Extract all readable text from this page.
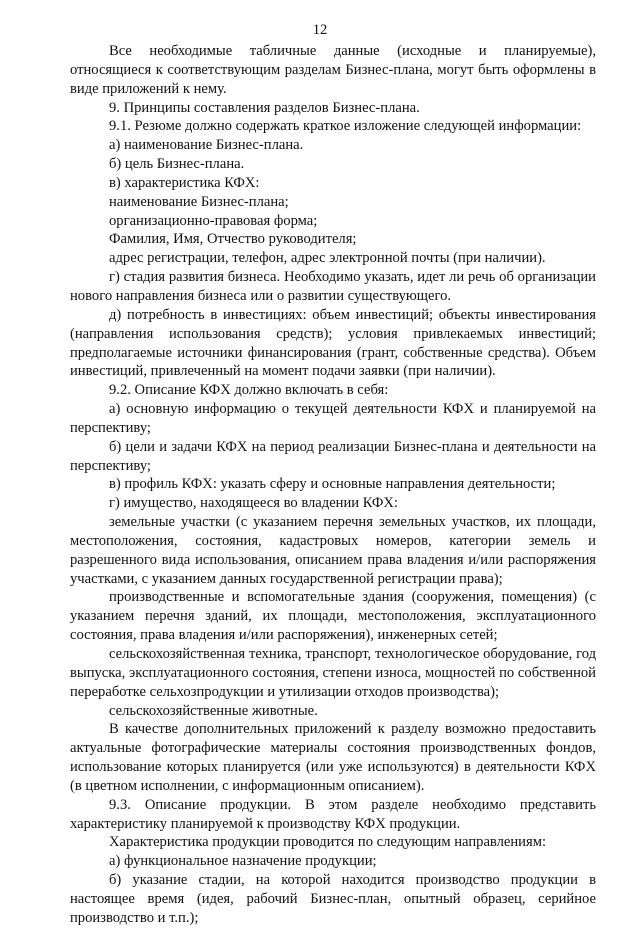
12

Все необходимые табличные данные (исходные и планируемые), относящиеся к соответствующим разделам Бизнес-плана, могут быть оформлены в виде приложений к нему.

9. Принципы составления разделов Бизнес-плана.

9.1. Резюме должно содержать краткое изложение следующей информации:

а) наименование Бизнес-плана.

б) цель Бизнес-плана.

в) характеристика КФХ:

наименование Бизнес-плана;

организационно-правовая форма;

Фамилия, Имя, Отчество руководителя;

адрес регистрации, телефон, адрес электронной почты (при наличии).

г) стадия развития бизнеса. Необходимо указать, идет ли речь об организации нового направления бизнеса или о развитии существующего.

д) потребность в инвестициях: объем инвестиций; объекты инвестирования (направления использования средств); условия привлекаемых инвестиций; предполагаемые источники финансирования (грант, собственные средства). Объем инвестиций, привлеченный на момент подачи заявки (при наличии).

9.2. Описание КФХ должно включать в себя:

а) основную информацию о текущей деятельности КФХ и планируемой на перспективу;

б) цели и задачи КФХ на период реализации Бизнес-плана и деятельности на перспективу;

в) профиль КФХ: указать сферу и основные направления деятельности;

г) имущество, находящееся во владении КФХ:

земельные участки (с указанием перечня земельных участков, их площади, местоположения, состояния, кадастровых номеров, категории земель и разрешенного вида использования, описанием права владения и/или распоряжения участками, с указанием данных государственной регистрации права);

производственные и вспомогательные здания (сооружения, помещения) (с указанием перечня зданий, их площади, местоположения, эксплуатационного состояния, права владения и/или распоряжения), инженерных сетей;

сельскохозяйственная техника, транспорт, технологическое оборудование, год выпуска, эксплуатационного состояния, степени износа, мощностей по собственной переработке сельхозпродукции и утилизации отходов производства);

сельскохозяйственные животные.

В качестве дополнительных приложений к разделу возможно предоставить актуальные фотографические материалы состояния производственных фондов, использование которых планируется (или уже используются) в деятельности КФХ (в цветном исполнении, с информационным описанием).

9.3. Описание продукции. В этом разделе необходимо представить характеристику планируемой к производству КФХ продукции.

Характеристика продукции проводится по следующим направлениям:

а) функциональное назначение продукции;

б) указание стадии, на которой находится производство продукции в настоящее время (идея, рабочий Бизнес-план, опытный образец, серийное производство и т.п.);
